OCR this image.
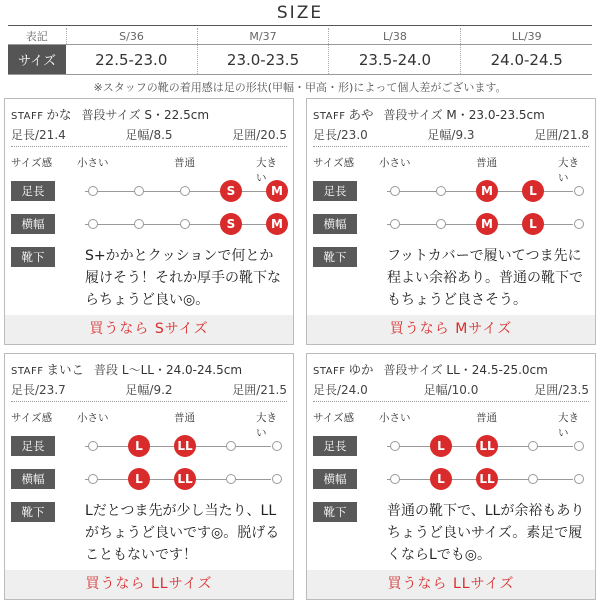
SIZE
表記	S/36	M/37	L/38	LL/39
サイズ	22.5-23.0	23.0-23.5	23.5-24.0	24.0-24.5
※スタッフの靴の着用感は足の形状(甲幅・甲高・形)によって個人差がございます。
STAFF かな 普段サイズ S・22.5cm
足長/21.4	足幅/8.5	足囲/20.5
サイズ感 小さい	普通	大きい
足長
横幅
靴下	S+かかとクッションで何とか履けそう！それか厚手の靴下ならちょうど良い◎。
買うなら Sサイズ
S	M
S	M
STAFF あや 普段サイズ M・23.0-23.5cm
足長/23.0	足幅/9.3	足囲/21.8
サイズ感 小さい	普通	大きい
足長
横幅
靴下	フットカバーで履いてつま先に程よい余裕あり。普通の靴下でもちょうど良さそう。
買うなら Mサイズ
M	L
M	L
STAFF まいこ 普段 L〜LL・24.0-24.5cm
足長/23.7	足幅/9.2	足囲/21.5
サイズ感 小さい	普通	大きい
足長
横幅
靴下	Lだとつま先が少し当たり、LLがちょうど良いです◎。脱げることもないです！
買うなら LLサイズ
L	LL
L	LL
STAFF ゆか 普段サイズ LL・24.5-25.0cm
足長/24.0	足幅/10.0	足囲/23.5
サイズ感 小さい	普通	大きい
足長
横幅
靴下	普通の靴下で、LLが余裕もありちょうど良いサイズ。素足で履くならLでも◎。
買うなら LLサイズ
L	LL
L	LL
